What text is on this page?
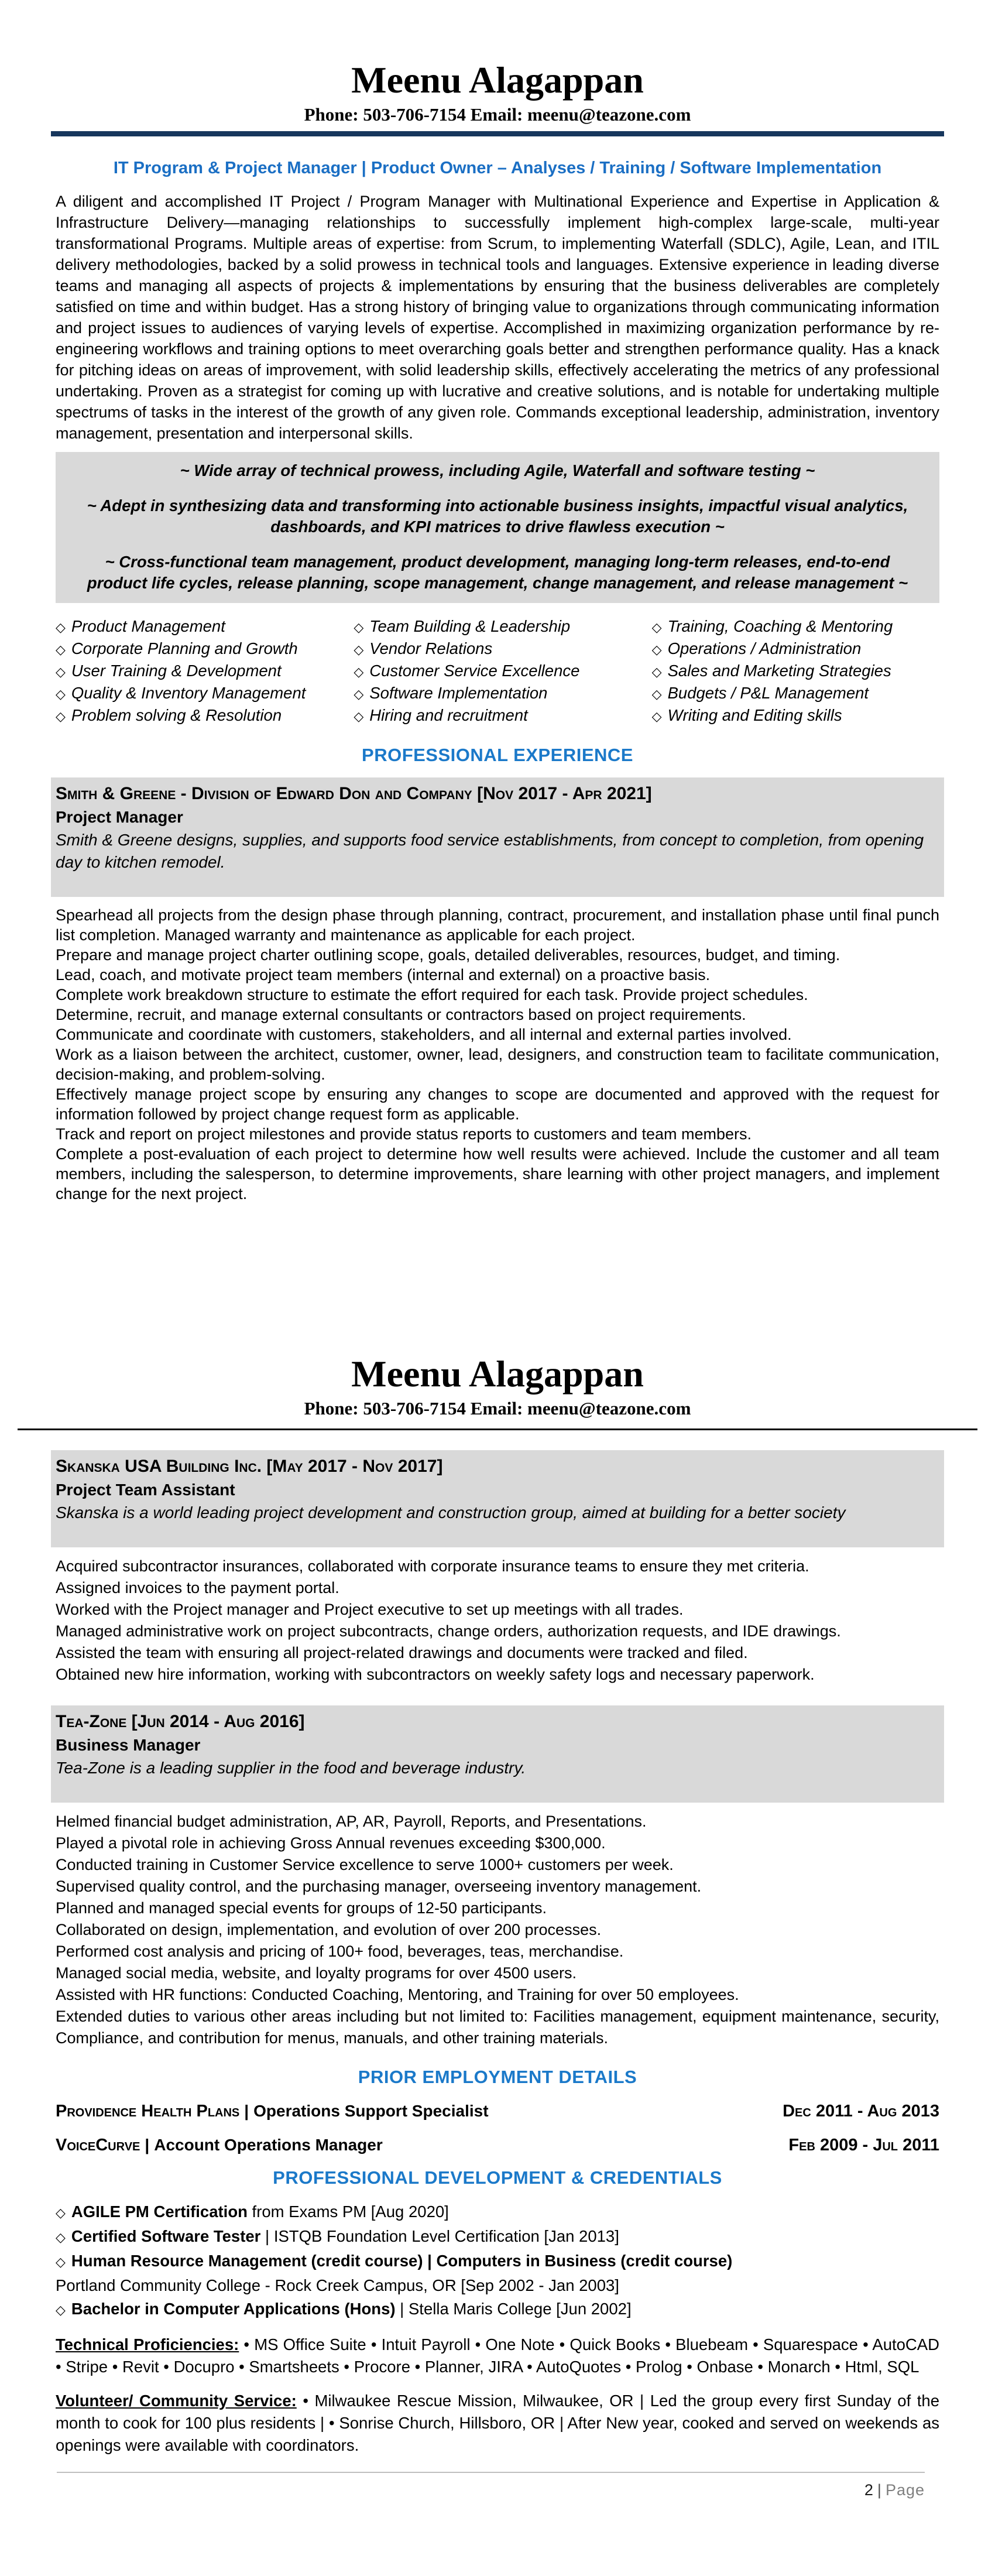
Meenu Alagappan

Phone: 503-706-7154 Email: meenu@teazone.com

IT Program & Project Manager | Product Owner – Analyses / Training / Software Implementation

A diligent and accomplished IT Project / Program Manager with Multinational Experience and Expertise in Application & Infrastructure Delivery—managing relationships to successfully implement high-complex large-scale, multi-year transformational Programs. Multiple areas of expertise: from Scrum, to implementing Waterfall (SDLC), Agile, Lean, and ITIL delivery methodologies, backed by a solid prowess in technical tools and languages. Extensive experience in leading diverse teams and managing all aspects of projects & implementations by ensuring that the business deliverables are completely satisfied on time and within budget. Has a strong history of bringing value to organizations through communicating information and project issues to audiences of varying levels of expertise. Accomplished in maximizing organization performance by re-engineering workflows and training options to meet overarching goals better and strengthen performance quality. Has a knack for pitching ideas on areas of improvement, with solid leadership skills, effectively accelerating the metrics of any professional undertaking. Proven as a strategist for coming up with lucrative and creative solutions, and is notable for undertaking multiple spectrums of tasks in the interest of the growth of any given role. Commands exceptional leadership, administration, inventory management, presentation and interpersonal skills.

~ Wide array of technical prowess, including Agile, Waterfall and software testing ~

~ Adept in synthesizing data and transforming into actionable business insights, impactful visual analytics, dashboards, and KPI matrices to drive flawless execution ~

~ Cross-functional team management, product development, managing long-term releases, end-to-end product life cycles, release planning, scope management, change management, and release management ~

◇ Product Management
◇ Corporate Planning and Growth
◇ User Training & Development
◇ Quality & Inventory Management
◇ Problem solving & Resolution
◇ Team Building & Leadership
◇ Vendor Relations
◇ Customer Service Excellence
◇ Software Implementation
◇ Hiring and recruitment
◇ Training, Coaching & Mentoring
◇ Operations / Administration
◇ Sales and Marketing Strategies
◇ Budgets / P&L Management
◇ Writing and Editing skills
PROFESSIONAL EXPERIENCE

Smith & Greene - Division of Edward Don and Company [Nov 2017 - Apr 2021]

Project Manager

Smith & Greene designs, supplies, and supports food service establishments, from concept to completion, from opening day to kitchen remodel.

Spearhead all projects from the design phase through planning, contract, procurement, and installation phase until final punch list completion. Managed warranty and maintenance as applicable for each project.

Prepare and manage project charter outlining scope, goals, detailed deliverables, resources, budget, and timing.

Lead, coach, and motivate project team members (internal and external) on a proactive basis.

Complete work breakdown structure to estimate the effort required for each task. Provide project schedules.

Determine, recruit, and manage external consultants or contractors based on project requirements.

Communicate and coordinate with customers, stakeholders, and all internal and external parties involved.

Work as a liaison between the architect, customer, owner, lead, designers, and construction team to facilitate communication, decision-making, and problem-solving.

Effectively manage project scope by ensuring any changes to scope are documented and approved with the request for information followed by project change request form as applicable.

Track and report on project milestones and provide status reports to customers and team members.

Complete a post-evaluation of each project to determine how well results were achieved. Include the customer and all team members, including the salesperson, to determine improvements, share learning with other project managers, and implement change for the next project.

Meenu Alagappan

Phone: 503-706-7154 Email: meenu@teazone.com

Skanska USA Building Inc. [May 2017 - Nov 2017]

Project Team Assistant

Skanska is a world leading project development and construction group, aimed at building for a better society

Acquired subcontractor insurances, collaborated with corporate insurance teams to ensure they met criteria.

Assigned invoices to the payment portal.

Worked with the Project manager and Project executive to set up meetings with all trades.

Managed administrative work on project subcontracts, change orders, authorization requests, and IDE drawings.

Assisted the team with ensuring all project-related drawings and documents were tracked and filed.

Obtained new hire information, working with subcontractors on weekly safety logs and necessary paperwork.

Tea-Zone [Jun 2014 - Aug 2016]

Business Manager

Tea-Zone is a leading supplier in the food and beverage industry.

Helmed financial budget administration, AP, AR, Payroll, Reports, and Presentations.

Played a pivotal role in achieving Gross Annual revenues exceeding $300,000.

Conducted training in Customer Service excellence to serve 1000+ customers per week.

Supervised quality control, and the purchasing manager, overseeing inventory management.

Planned and managed special events for groups of 12-50 participants.

Collaborated on design, implementation, and evolution of over 200 processes.

Performed cost analysis and pricing of 100+ food, beverages, teas, merchandise.

Managed social media, website, and loyalty programs for over 4500 users.

Assisted with HR functions: Conducted Coaching, Mentoring, and Training for over 50 employees.

Extended duties to various other areas including but not limited to: Facilities management, equipment maintenance, security, Compliance, and contribution for menus, manuals, and other training materials.

PRIOR EMPLOYMENT DETAILS
Providence Health Plans | Operations Support Specialist	Dec 2011 - Aug 2013
VoiceCurve | Account Operations Manager	Feb 2009 - Jul 2011
PROFESSIONAL DEVELOPMENT & CREDENTIALS

◇ AGILE PM Certification from Exams PM [Aug 2020]

◇ Certified Software Tester | ISTQB Foundation Level Certification [Jan 2013]

◇ Human Resource Management (credit course) | Computers in Business (credit course)

Portland Community College - Rock Creek Campus, OR [Sep 2002 - Jan 2003]

◇ Bachelor in Computer Applications (Hons) | Stella Maris College [Jun 2002]

Technical Proficiencies: • MS Office Suite • Intuit Payroll • One Note • Quick Books • Bluebeam • Squarespace • AutoCAD • Stripe • Revit • Docupro • Smartsheets • Procore • Planner, JIRA • AutoQuotes • Prolog • Onbase • Monarch • Html, SQL

Volunteer/ Community Service: • Milwaukee Rescue Mission, Milwaukee, OR | Led the group every first Sunday of the month to cook for 100 plus residents | • Sonrise Church, Hillsboro, OR | After New year, cooked and served on weekends as openings were available with coordinators.

2 | Page
